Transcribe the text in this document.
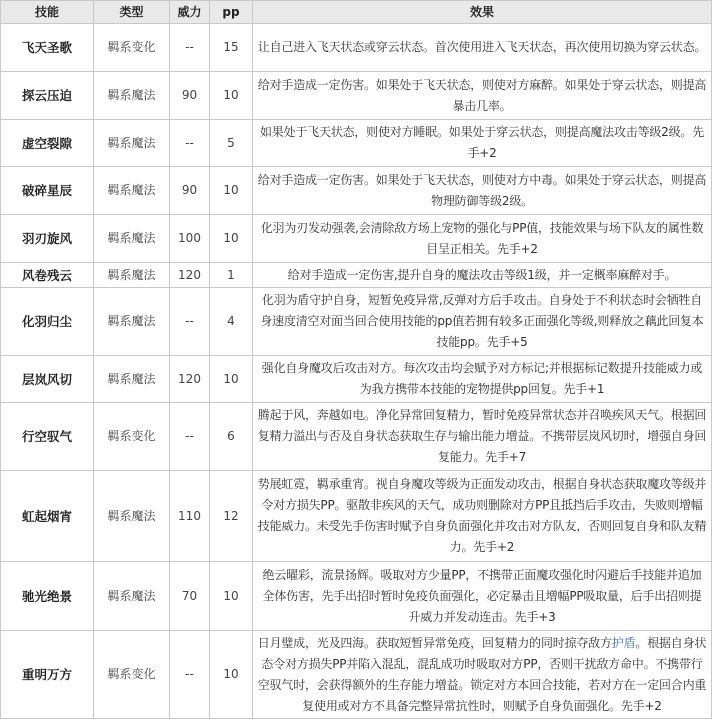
技能	类型	威力	pp	效果
飞天圣歌	羁系变化	--	15	让自己进入飞天状态或穿云状态。首次使用进入飞天状态，再次使用切换为穿云状态。
探云压迫	羁系魔法	90	10	给对手造成一定伤害。如果处于飞天状态，则使对方麻醉。如果处于穿云状态，则提高暴击几率。
虚空裂隙	羁系魔法	--	5	如果处于飞天状态，则使对方睡眠。如果处于穿云状态，则提高魔法攻击等级2级。先手+2
破碎星辰	羁系魔法	90	10	给对手造成一定伤害。如果处于飞天状态，则使对方中毒。如果处于穿云状态，则提高物理防御等级2级。
羽刃旋风	羁系魔法	100	10	化羽为刃发动强袭,会清除敌方场上宠物的强化与PP值，技能效果与场下队友的属性数目呈正相关。先手+2
风卷残云	羁系魔法	120	1	给对手造成一定伤害,提升自身的魔法攻击等级1级，并一定概率麻醉对手。
化羽归尘	羁系魔法	--	4	化羽为盾守护自身，短暂免疫异常,反弹对方后手攻击。自身处于不利状态时会牺牲自身速度清空对面当回合使用技能的pp值若拥有较多正面强化等级,则释放之藕此回复本技能pp。先手+5
层岚风切	羁系魔法	120	10	强化自身魔攻后攻击对方。每次攻击均会赋予对方标记;并根据标记数提升技能威力或为我方携带本技能的宠物提供pp回复。先手+1
行空驭气	羁系变化	--	6	腾起于风，奔越如电。净化异常回复精力，暂时免疫异常状态并召唤疾风天气。根据回复精力溢出与否及自身状态获取生存与输出能力增益。不携带层岚风切时，增强自身回复能力。先手+7
虹起烟宵	羁系魔法	110	12	势展虹霓，羁承重宵。视自身魔攻等级为正面发动攻击，根据自身状态获取魔攻等级并令对方损失PP。驱散非疾风的天气，成功则删除对方PP且抵挡后手攻击，失败则增幅技能威力。未受先手伤害时赋予自身负面强化并攻击对方队友，否则回复自身和队友精力。先手+2
驰光绝景	羁系魔法	70	10	绝云曜彩，流景扬辉。吸取对方少量PP，不携带正面魔攻强化时闪避后手技能并追加全体伤害，先手出招时暂时免疫负面强化，必定暴击且增幅PP吸取量，后手出招则提升威力并发动连击。先手+3
重明万方	羁系变化	--	10	日月璧成，光及四海。获取短暂异常免疫，回复精力的同时掠夺敌方护盾。根据自身状态令对方损失PP并陷入混乱，混乱成功时吸取对方PP，否则干扰敌方命中。不携带行空驭气时，会获得额外的生存能力增益。锁定对方本回合技能，若对方在一定回合内重复使用或对方不具备完整异常抗性时，则赋予自身负面强化。先手+2
